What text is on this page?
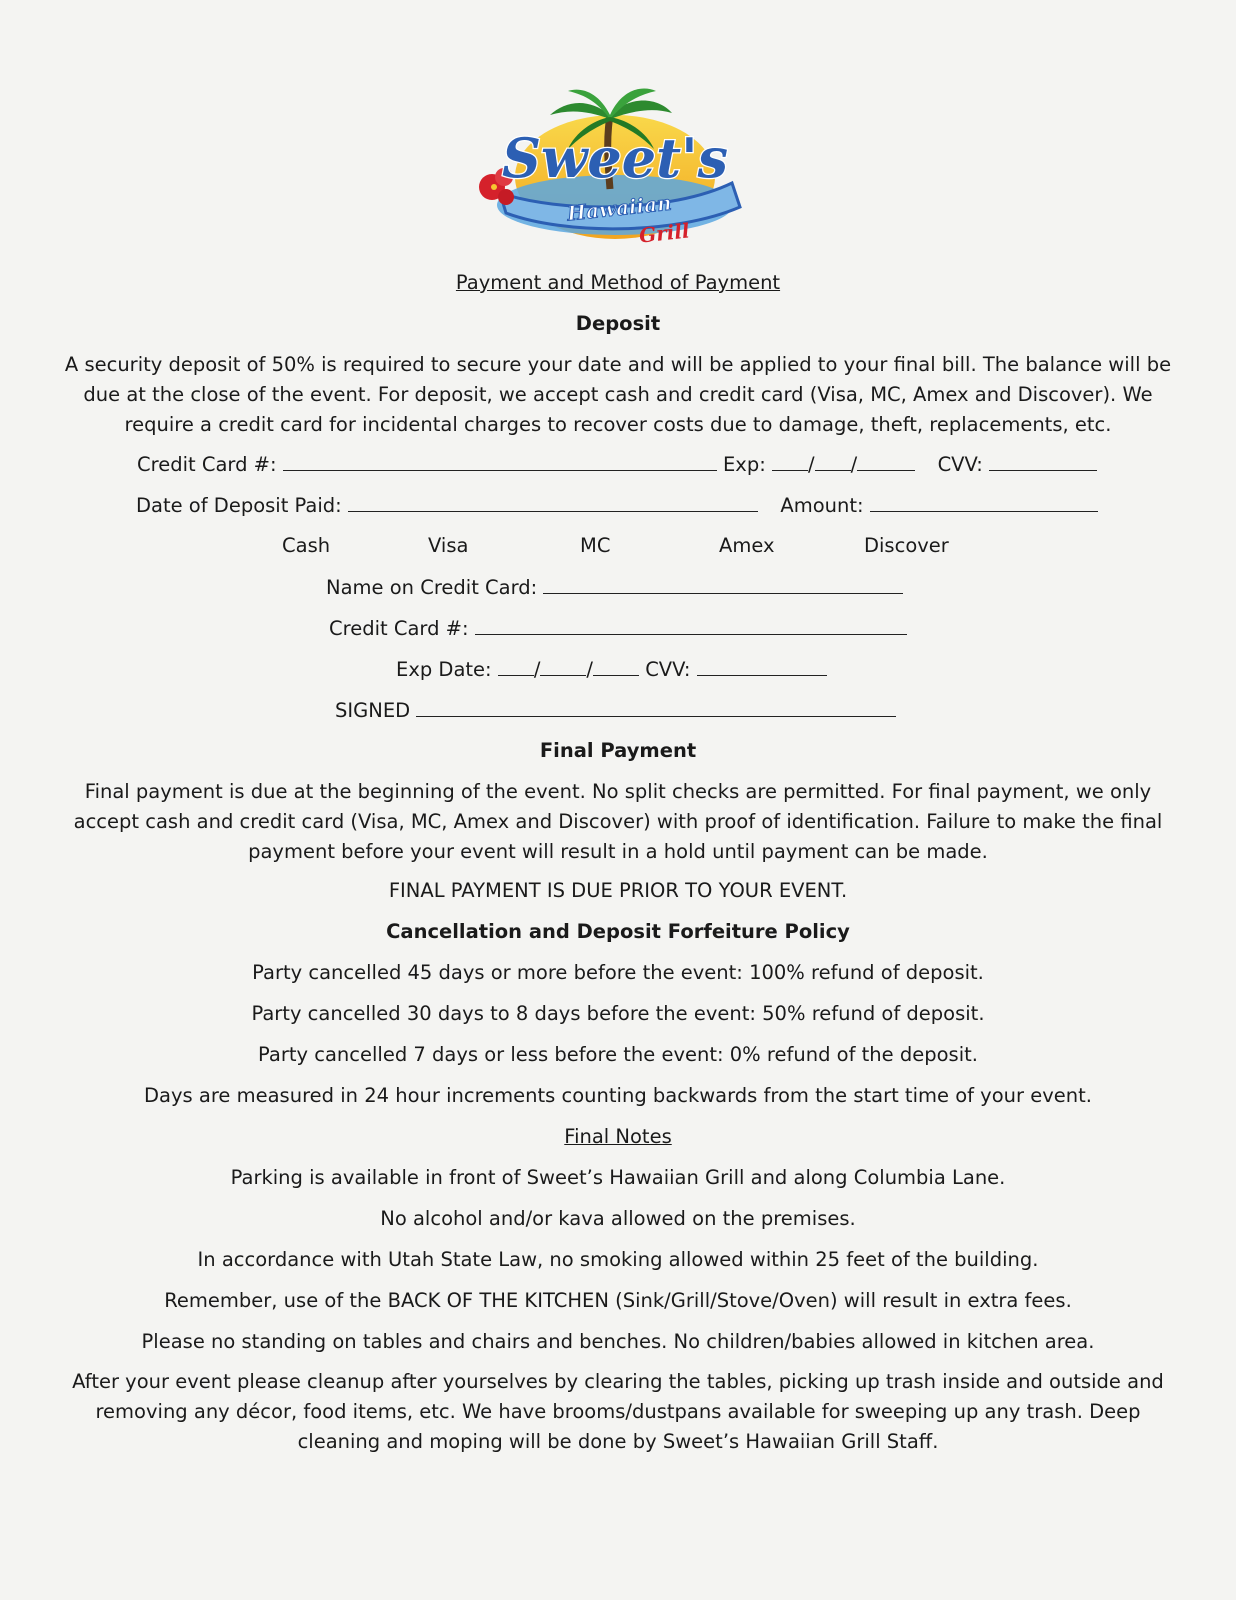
Sweet's
Hawaiian
Grill
Payment and Method of Payment
Deposit
A security deposit of 50% is required to secure your date and will be applied to your final bill. The balance will be due at the close of the event. For deposit, we accept cash and credit card (Visa, MC, Amex and Discover). We require a credit card for incidental charges to recover costs due to damage, theft, replacements, etc.
Credit Card #:	Exp: / /	CVV:
Date of Deposit Paid:	Amount:
Cash	Visa	MC	Amex	Discover
Name on Credit Card:
Credit Card #:
Exp Date: / /	CVV:
SIGNED
Final Payment
Final payment is due at the beginning of the event. No split checks are permitted. For final payment, we only accept cash and credit card (Visa, MC, Amex and Discover) with proof of identification. Failure to make the final payment before your event will result in a hold until payment can be made.
FINAL PAYMENT IS DUE PRIOR TO YOUR EVENT.
Cancellation and Deposit Forfeiture Policy
Party cancelled 45 days or more before the event: 100% refund of deposit.
Party cancelled 30 days to 8 days before the event: 50% refund of deposit.
Party cancelled 7 days or less before the event: 0% refund of the deposit.
Days are measured in 24 hour increments counting backwards from the start time of your event.
Final Notes
Parking is available in front of Sweet’s Hawaiian Grill and along Columbia Lane.
No alcohol and/or kava allowed on the premises.
In accordance with Utah State Law, no smoking allowed within 25 feet of the building.
Remember, use of the BACK OF THE KITCHEN (Sink/Grill/Stove/Oven) will result in extra fees.
Please no standing on tables and chairs and benches. No children/babies allowed in kitchen area.
After your event please cleanup after yourselves by clearing the tables, picking up trash inside and outside and removing any décor, food items, etc. We have brooms/dustpans available for sweeping up any trash. Deep cleaning and moping will be done by Sweet’s Hawaiian Grill Staff.
